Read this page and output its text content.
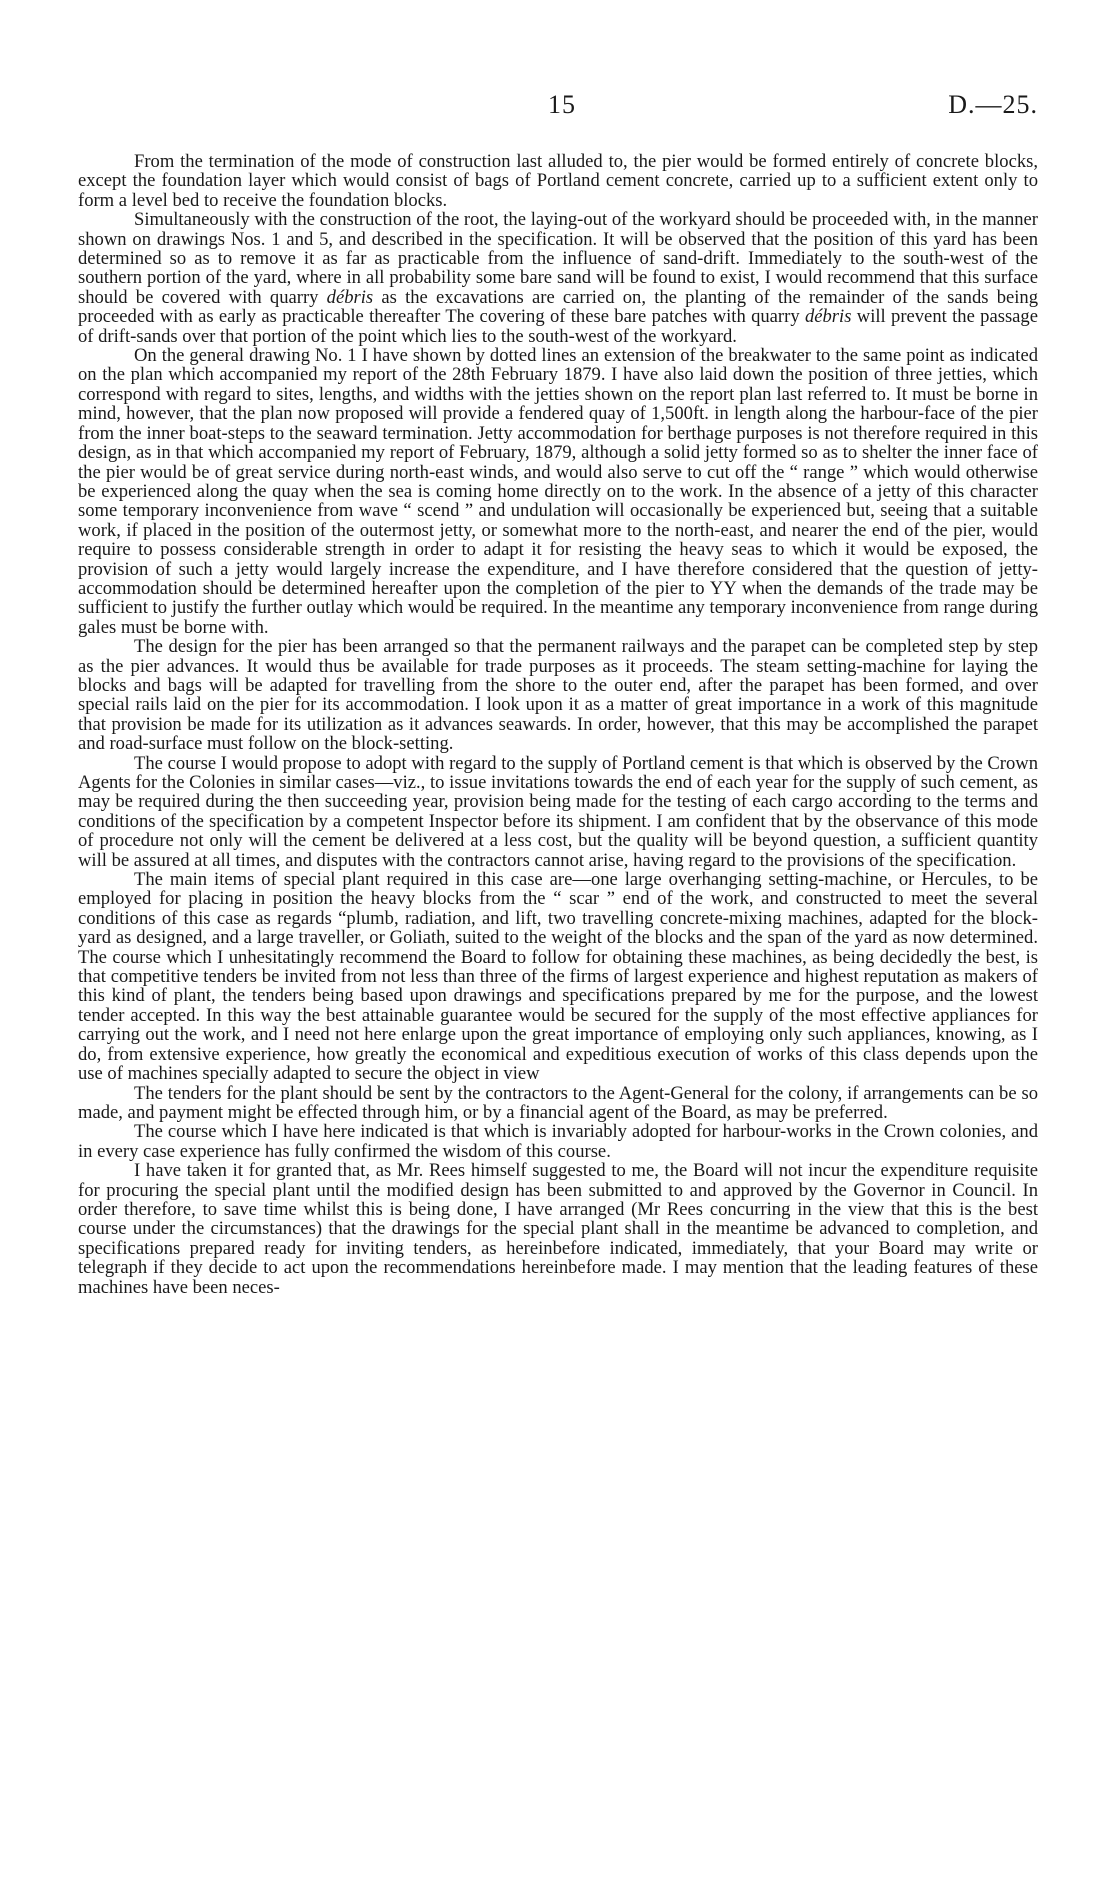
15	D.—25.

From the termination of the mode of construction last alluded to, the pier would be formed entirely of concrete blocks, except the foundation layer which would consist of bags of Portland cement concrete, carried up to a sufficient extent only to form a level bed to receive the foundation blocks.

Simultaneously with the construction of the root, the laying-out of the workyard should be proceeded with, in the manner shown on drawings Nos. 1 and 5, and described in the specification. It will be observed that the position of this yard has been determined so as to remove it as far as practicable from the influence of sand-drift. Immediately to the south-west of the southern portion of the yard, where in all probability some bare sand will be found to exist, I would recommend that this surface should be covered with quarry débris as the excavations are carried on, the planting of the remainder of the sands being proceeded with as early as practicable thereafter The covering of these bare patches with quarry débris will prevent the passage of drift-sands over that portion of the point which lies to the south-west of the workyard.

On the general drawing No. 1 I have shown by dotted lines an extension of the breakwater to the same point as indicated on the plan which accompanied my report of the 28th February 1879. I have also laid down the position of three jetties, which correspond with regard to sites, lengths, and widths with the jetties shown on the report plan last referred to. It must be borne in mind, however, that the plan now proposed will provide a fendered quay of 1,500ft. in length along the harbour-face of the pier from the inner boat-steps to the seaward termination. Jetty accommodation for berthage purposes is not therefore required in this design, as in that which accompanied my report of February, 1879, although a solid jetty formed so as to shelter the inner face of the pier would be of great service during north-east winds, and would also serve to cut off the “ range ” which would otherwise be experienced along the quay when the sea is coming home directly on to the work. In the absence of a jetty of this character some temporary inconvenience from wave “ scend ” and undulation will occasionally be experienced but, seeing that a suitable work, if placed in the position of the outermost jetty, or somewhat more to the north-east, and nearer the end of the pier, would require to possess considerable strength in order to adapt it for resisting the heavy seas to which it would be exposed, the provision of such a jetty would largely increase the expenditure, and I have therefore considered that the question of jetty-accommodation should be determined hereafter upon the completion of the pier to YY when the demands of the trade may be sufficient to justify the further outlay which would be required. In the meantime any temporary inconvenience from range during gales must be borne with.

The design for the pier has been arranged so that the permanent railways and the parapet can be completed step by step as the pier advances. It would thus be available for trade purposes as it proceeds. The steam setting-machine for laying the blocks and bags will be adapted for travelling from the shore to the outer end, after the parapet has been formed, and over special rails laid on the pier for its accommodation. I look upon it as a matter of great importance in a work of this magnitude that provision be made for its utilization as it advances seawards. In order, however, that this may be accomplished the parapet and road-surface must follow on the block-setting.

The course I would propose to adopt with regard to the supply of Portland cement is that which is observed by the Crown Agents for the Colonies in similar cases—viz., to issue invitations towards the end of each year for the supply of such cement, as may be required during the then succeeding year, provision being made for the testing of each cargo according to the terms and conditions of the specification by a competent Inspector before its shipment. I am confident that by the observance of this mode of procedure not only will the cement be delivered at a less cost, but the quality will be beyond question, a sufficient quantity will be assured at all times, and disputes with the contractors cannot arise, having regard to the provisions of the specification.

The main items of special plant required in this case are—one large overhanging setting-machine, or Hercules, to be employed for placing in position the heavy blocks from the “ scar ” end of the work, and constructed to meet the several conditions of this case as regards “plumb, radiation, and lift, two travelling concrete-mixing machines, adapted for the block-yard as designed, and a large traveller, or Goliath, suited to the weight of the blocks and the span of the yard as now determined. The course which I unhesitatingly recommend the Board to follow for obtaining these machines, as being decidedly the best, is that competitive tenders be invited from not less than three of the firms of largest experience and highest reputation as makers of this kind of plant, the tenders being based upon drawings and specifications prepared by me for the purpose, and the lowest tender accepted. In this way the best attainable guarantee would be secured for the supply of the most effective appliances for carrying out the work, and I need not here enlarge upon the great importance of employing only such appliances, knowing, as I do, from extensive experience, how greatly the economical and expeditious execution of works of this class depends upon the use of machines specially adapted to secure the object in view

The tenders for the plant should be sent by the contractors to the Agent-General for the colony, if arrangements can be so made, and payment might be effected through him, or by a financial agent of the Board, as may be preferred.

The course which I have here indicated is that which is invariably adopted for harbour-works in the Crown colonies, and in every case experience has fully confirmed the wisdom of this course.

I have taken it for granted that, as Mr. Rees himself suggested to me, the Board will not incur the expenditure requisite for procuring the special plant until the modified design has been submitted to and approved by the Governor in Council. In order therefore, to save time whilst this is being done, I have arranged (Mr Rees concurring in the view that this is the best course under the circumstances) that the drawings for the special plant shall in the meantime be advanced to completion, and specifications prepared ready for inviting tenders, as hereinbefore indicated, immediately, that your Board may write or telegraph if they decide to act upon the recommendations hereinbefore made. I may mention that the leading features of these machines have been neces-
